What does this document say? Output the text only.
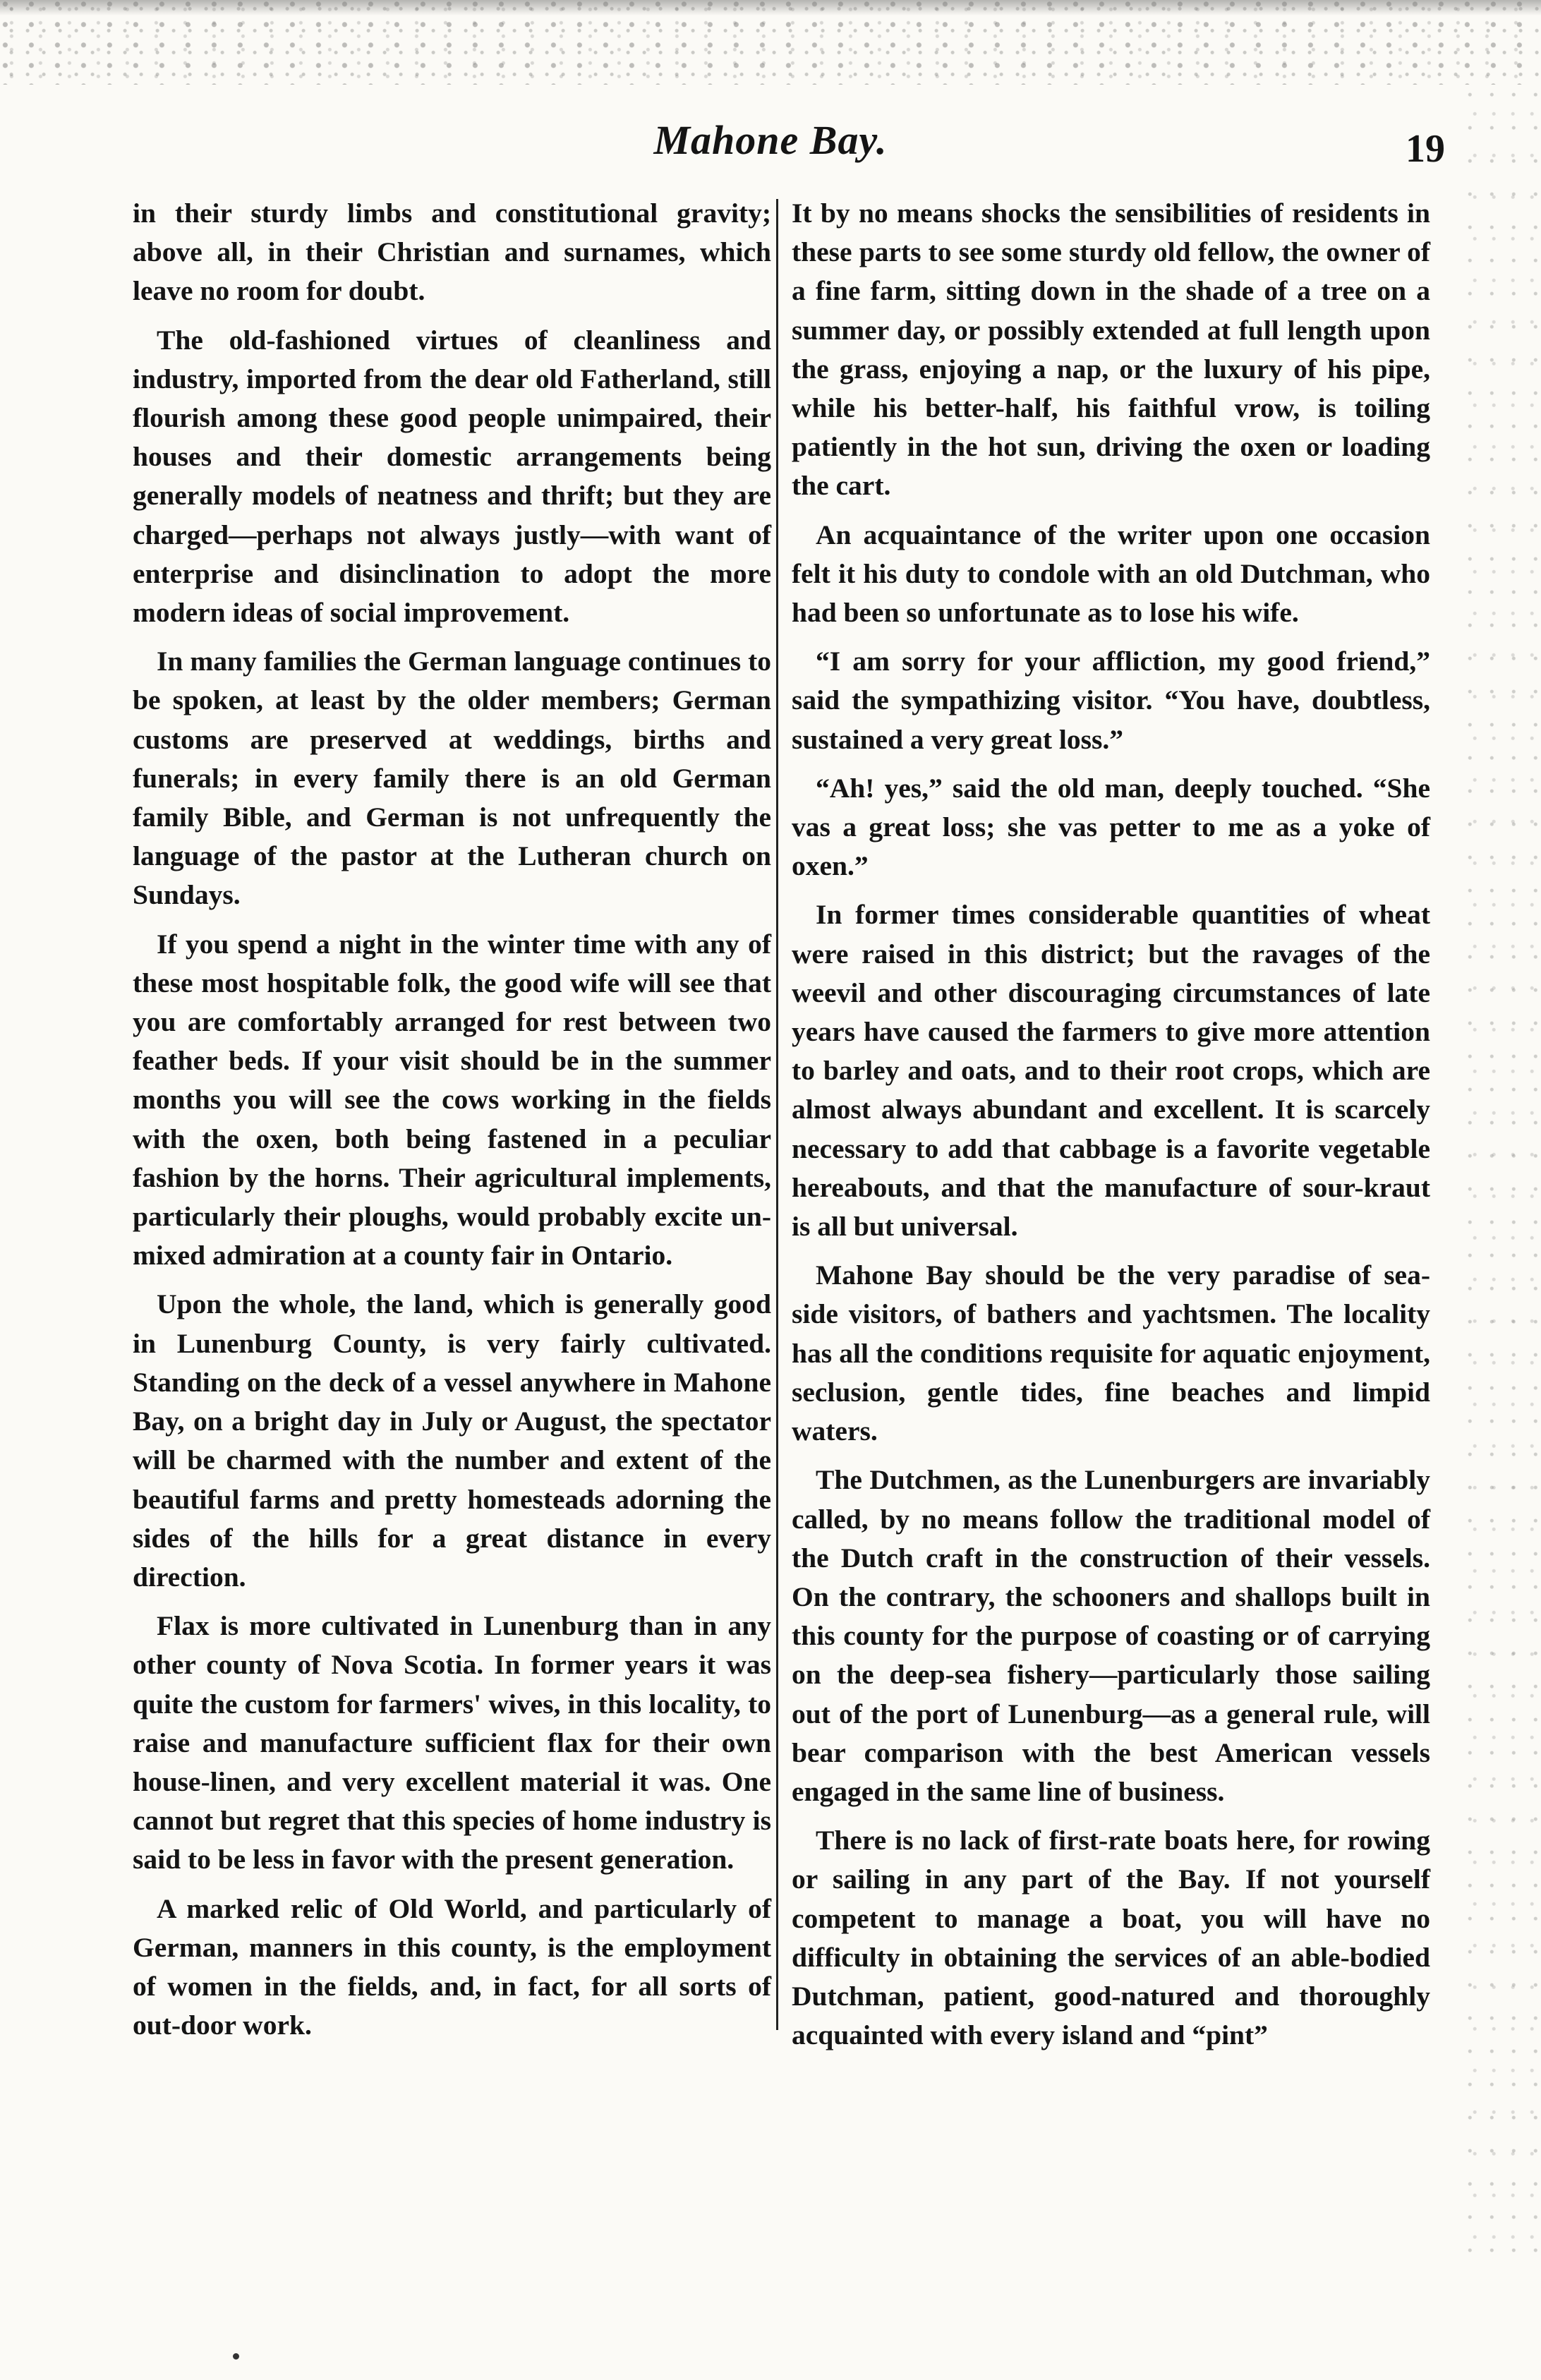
Mahone Bay.	19

in their sturdy limbs and constitutional gravity; above all, in their Christian and surnames, which leave no room for doubt.

The old-fashioned virtues of cleanliness and industry, imported from the dear old Fatherland, still flourish among these good people unimpaired, their houses and their domestic arrangements being generally models of neatness and thrift; but they are charged—perhaps not always justly—with want of enterprise and disinclination to adopt the more modern ideas of social improvement.

In many families the German language continues to be spoken, at least by the older members; German customs are preserved at weddings, births and funerals; in every family there is an old German family Bible, and German is not unfrequently the language of the pastor at the Lutheran church on Sundays.

If you spend a night in the winter time with any of these most hospitable folk, the good wife will see that you are comfortably arranged for rest between two feather beds. If your visit should be in the summer months you will see the cows working in the fields with the oxen, both being fastened in a peculiar fashion by the horns. Their agricultural implements, particularly their ploughs, would probably excite unmixed admiration at a county fair in Ontario.

Upon the whole, the land, which is generally good in Lunenburg County, is very fairly cultivated. Standing on the deck of a vessel anywhere in Mahone Bay, on a bright day in July or August, the spectator will be charmed with the number and extent of the beautiful farms and pretty homesteads adorning the sides of the hills for a great distance in every direction.

Flax is more cultivated in Lunenburg than in any other county of Nova Scotia. In former years it was quite the custom for farmers' wives, in this locality, to raise and manufacture sufficient flax for their own house-linen, and very excellent material it was. One cannot but regret that this species of home industry is said to be less in favor with the present generation.

A marked relic of Old World, and particularly of German, manners in this county, is the employment of women in the fields, and, in fact, for all sorts of out-door work.

It by no means shocks the sensibilities of residents in these parts to see some sturdy old fellow, the owner of a fine farm, sitting down in the shade of a tree on a summer day, or possibly extended at full length upon the grass, enjoying a nap, or the luxury of his pipe, while his better-half, his faithful vrow, is toiling patiently in the hot sun, driving the oxen or loading the cart.

An acquaintance of the writer upon one occasion felt it his duty to condole with an old Dutchman, who had been so unfortunate as to lose his wife.

“I am sorry for your affliction, my good friend,” said the sympathizing visitor. “You have, doubtless, sustained a very great loss.”

“Ah! yes,” said the old man, deeply touched. “She vas a great loss; she vas petter to me as a yoke of oxen.”

In former times considerable quantities of wheat were raised in this district; but the ravages of the weevil and other discouraging circumstances of late years have caused the farmers to give more attention to barley and oats, and to their root crops, which are almost always abundant and excellent. It is scarcely necessary to add that cabbage is a favorite vegetable hereabouts, and that the manufacture of sour-kraut is all but universal.

Mahone Bay should be the very paradise of sea-side visitors, of bathers and yachtsmen. The locality has all the conditions requisite for aquatic enjoyment, seclusion, gentle tides, fine beaches and limpid waters.

The Dutchmen, as the Lunenburgers are invariably called, by no means follow the traditional model of the Dutch craft in the construction of their vessels. On the contrary, the schooners and shallops built in this county for the purpose of coasting or of carrying on the deep-sea fishery—particularly those sailing out of the port of Lunenburg—as a general rule, will bear comparison with the best American vessels engaged in the same line of business.

There is no lack of first-rate boats here, for rowing or sailing in any part of the Bay. If not yourself competent to manage a boat, you will have no difficulty in obtaining the services of an able-bodied Dutchman, patient, good-natured and thoroughly acquainted with every island and “pint”
